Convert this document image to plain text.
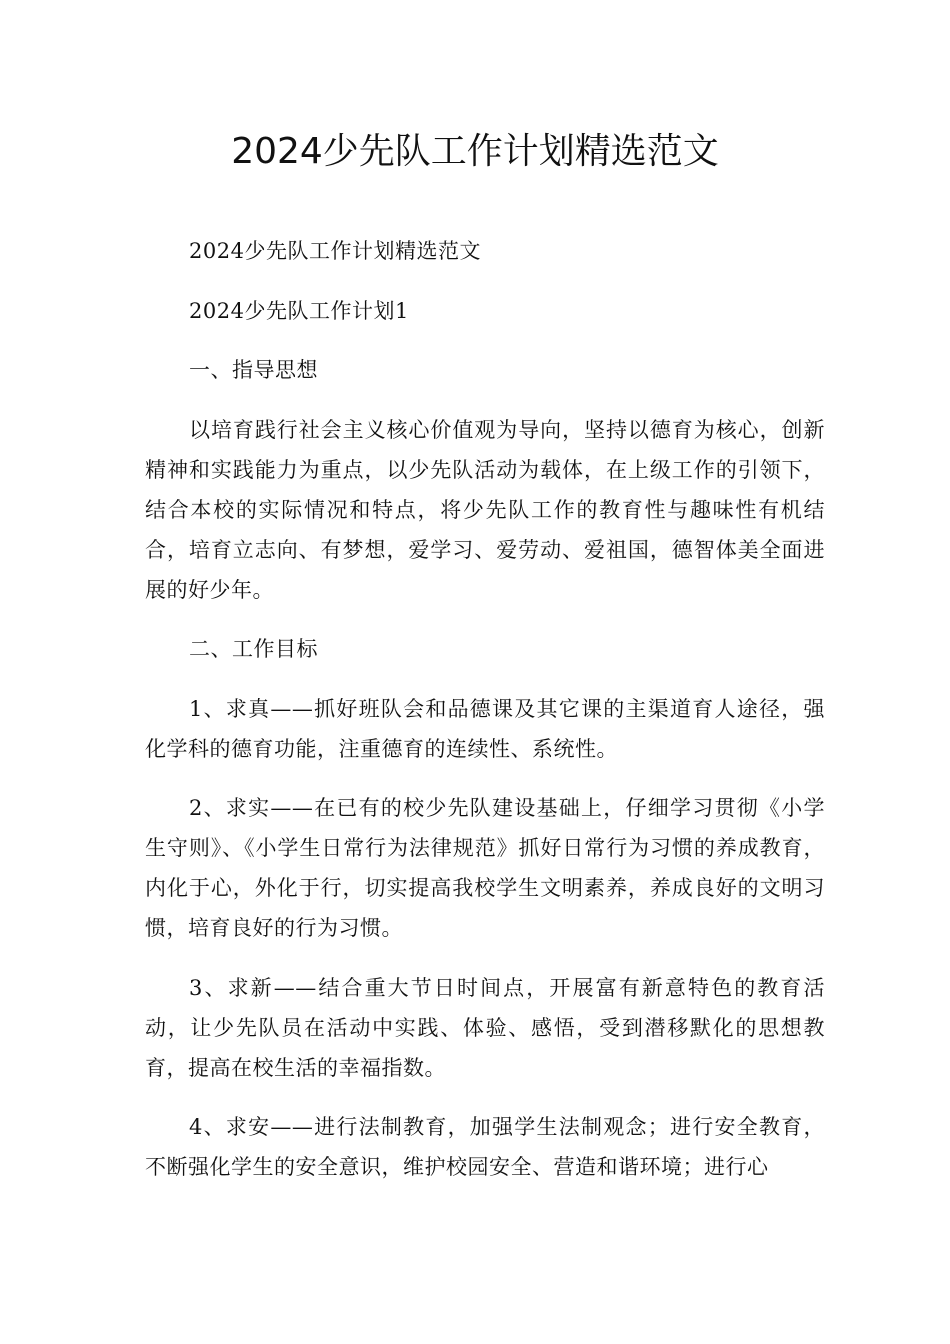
2024少先队工作计划精选范文

2024少先队工作计划精选范文

2024少先队工作计划1

一、指导思想

以培育践行社会主义核心价值观为导向，坚持以德育为核心，创新精神和实践能力为重点，以少先队活动为载体，在上级工作的引领下，结合本校的实际情况和特点，将少先队工作的教育性与趣味性有机结合，培育立志向、有梦想，爱学习、爱劳动、爱祖国，德智体美全面进展的好少年。

二、工作目标

1、求真——抓好班队会和品德课及其它课的主渠道育人途径，强化学科的德育功能，注重德育的连续性、系统性。

2、求实——在已有的校少先队建设基础上，仔细学习贯彻《小学生守则》、《小学生日常行为法律规范》抓好日常行为习惯的养成教育，内化于心，外化于行，切实提高我校学生文明素养，养成良好的文明习惯，培育良好的行为习惯。

3、求新——结合重大节日时间点，开展富有新意特色的教育活动，让少先队员在活动中实践、体验、感悟，受到潜移默化的思想教育，提高在校生活的幸福指数。

4、求安——进行法制教育，加强学生法制观念；进行安全教育，不断强化学生的安全意识，维护校园安全、营造和谐环境；进行心
